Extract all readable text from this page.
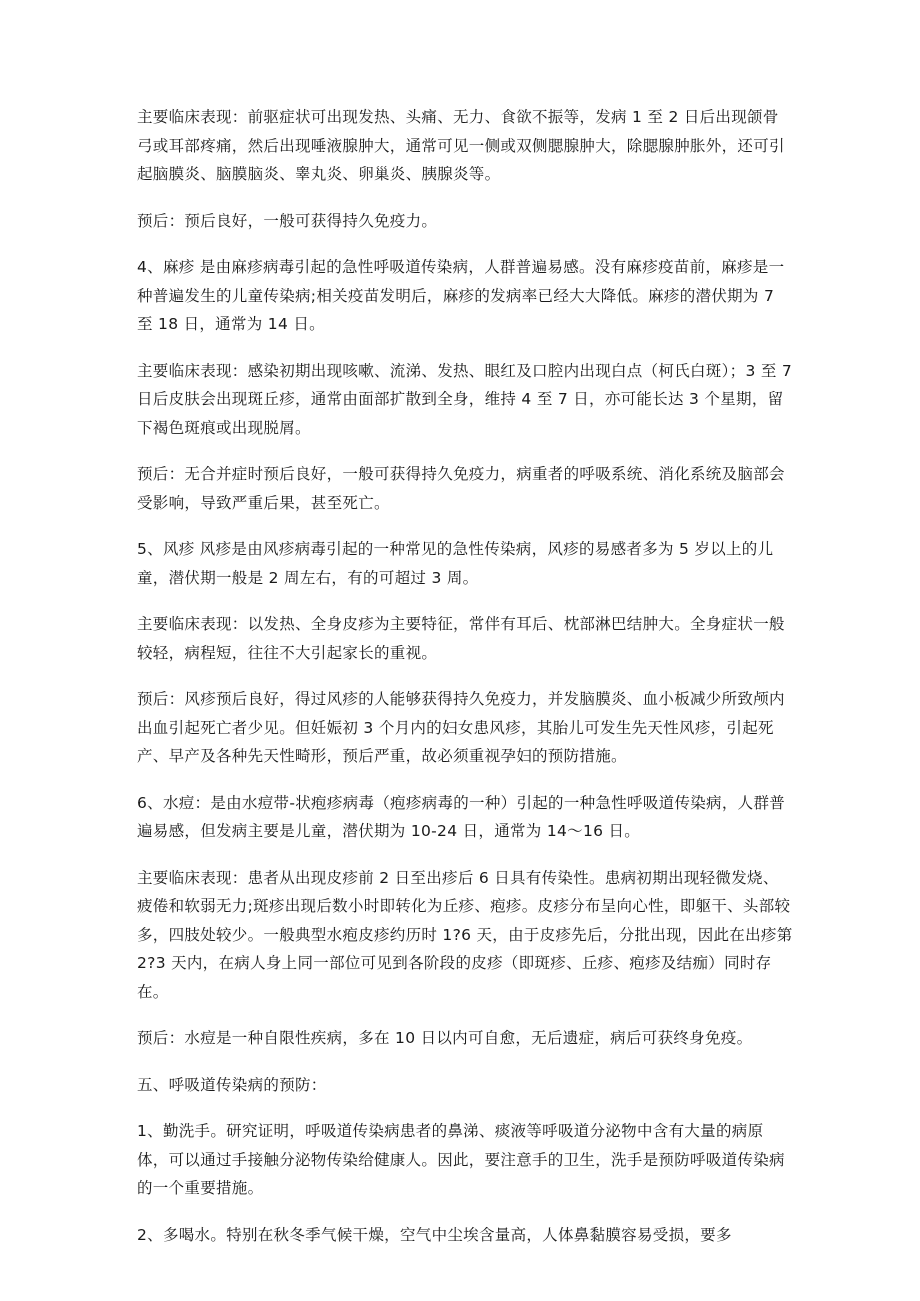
主要临床表现：前驱症状可出现发热、头痛、无力、食欲不振等，发病 1 至 2 日后出现颌骨弓或耳部疼痛，然后出现唾液腺肿大，通常可见一侧或双侧腮腺肿大，除腮腺肿胀外，还可引起脑膜炎、脑膜脑炎、睾丸炎、卵巢炎、胰腺炎等。

预后：预后良好，一般可获得持久免疫力。

4、麻疹 是由麻疹病毒引起的急性呼吸道传染病，人群普遍易感。没有麻疹疫苗前，麻疹是一种普遍发生的儿童传染病;相关疫苗发明后，麻疹的发病率已经大大降低。麻疹的潜伏期为 7 至 18 日，通常为 14 日。

主要临床表现：感染初期出现咳嗽、流涕、发热、眼红及口腔内出现白点（柯氏白斑）；3 至 7 日后皮肤会出现斑丘疹，通常由面部扩散到全身，维持 4 至 7 日，亦可能长达 3 个星期，留下褐色斑痕或出现脱屑。

预后：无合并症时预后良好，一般可获得持久免疫力，病重者的呼吸系统、消化系统及脑部会受影响，导致严重后果，甚至死亡。

5、风疹 风疹是由风疹病毒引起的一种常见的急性传染病，风疹的易感者多为 5 岁以上的儿童，潜伏期一般是 2 周左右，有的可超过 3 周。

主要临床表现：以发热、全身皮疹为主要特征，常伴有耳后、枕部淋巴结肿大。全身症状一般较轻，病程短，往往不大引起家长的重视。

预后：风疹预后良好，得过风疹的人能够获得持久免疫力，并发脑膜炎、血小板减少所致颅内出血引起死亡者少见。但妊娠初 3 个月内的妇女患风疹，其胎儿可发生先天性风疹，引起死产、早产及各种先天性畸形，预后严重，故必须重视孕妇的预防措施。

6、水痘：是由水痘带-状疱疹病毒（疱疹病毒的一种）引起的一种急性呼吸道传染病，人群普遍易感，但发病主要是儿童，潜伏期为 10-24 日，通常为 14～16 日。

主要临床表现：患者从出现皮疹前 2 日至出疹后 6 日具有传染性。患病初期出现轻微发烧、疲倦和软弱无力;斑疹出现后数小时即转化为丘疹、疱疹。皮疹分布呈向心性，即躯干、头部较多，四肢处较少。一般典型水疱皮疹约历时 1?6 天，由于皮疹先后，分批出现，因此在出疹第 2?3 天内，在病人身上同一部位可见到各阶段的皮疹（即斑疹、丘疹、疱疹及结痂）同时存在。

预后：水痘是一种自限性疾病，多在 10 日以内可自愈，无后遗症，病后可获终身免疫。

五、呼吸道传染病的预防：

1、勤洗手。研究证明，呼吸道传染病患者的鼻涕、痰液等呼吸道分泌物中含有大量的病原体，可以通过手接触分泌物传染给健康人。因此，要注意手的卫生，洗手是预防呼吸道传染病的一个重要措施。

2、多喝水。特别在秋冬季气候干燥，空气中尘埃含量高，人体鼻黏膜容易受损，要多
